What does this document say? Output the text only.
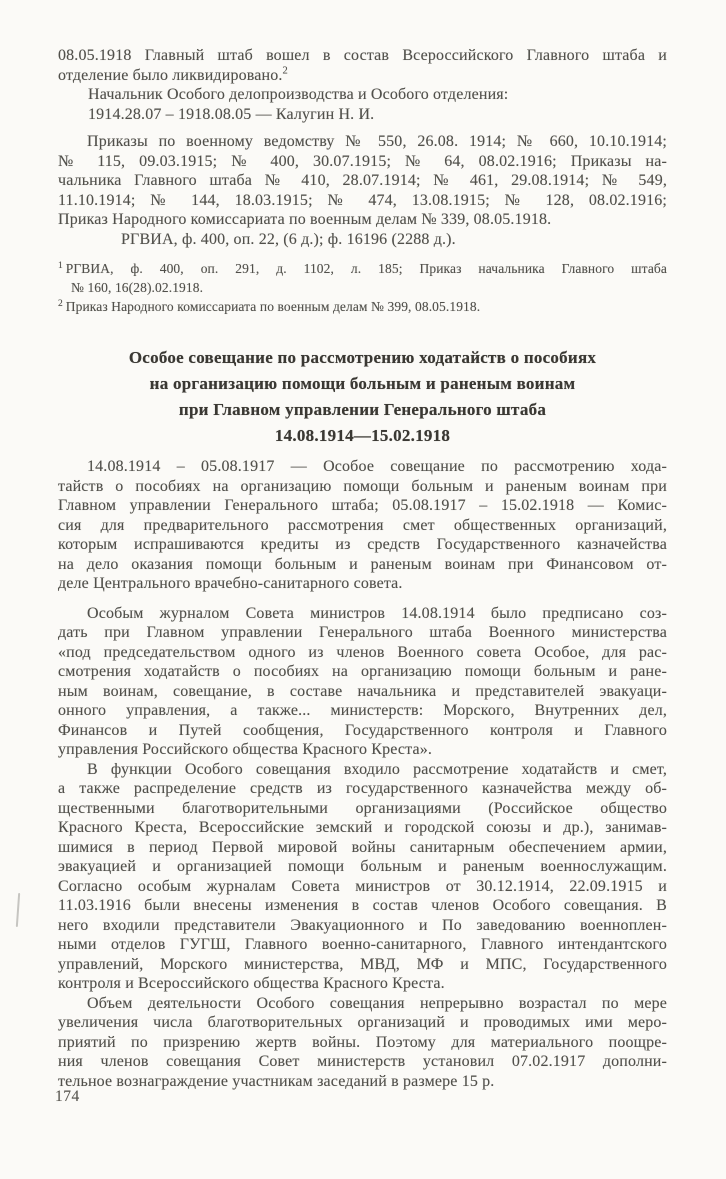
08.05.1918 Главный штаб вошел в состав Всероссийского Главного штаба и
отделение было ликвидировано.$^2$
Начальник Особого делопроизводства и Особого отделения:
1914.28.07 – 1918.08.05 — Калугин Н. И.
Приказы по военному ведомству № 550, 26.08. 1914; № 660, 10.10.1914;
№ 115, 09.03.1915; № 400, 30.07.1915; № 64, 08.02.1916; Приказы на-
чальника Главного штаба № 410, 28.07.1914; № 461, 29.08.1914; № 549,
11.10.1914; № 144, 18.03.1915; № 474, 13.08.1915; № 128, 08.02.1916;
Приказ Народного комиссариата по военным делам № 339, 08.05.1918.
РГВИА, ф. 400, оп. 22, (6 д.); ф. 16196 (2288 д.).
$^1$ РГВИА, ф. 400, оп. 291, д. 1102, л. 185; Приказ начальника Главного штаба
№ 160, 16(28).02.1918.
$^2$ Приказ Народного комиссариата по военным делам № 399, 08.05.1918.
Особое совещание по рассмотрению ходатайств о пособиях
на организацию помощи больным и раненым воинам
при Главном управлении Генерального штаба
14.08.1914—15.02.1918
14.08.1914 – 05.08.1917 — Особое совещание по рассмотрению хода-
тайств о пособиях на организацию помощи больным и раненым воинам при
Главном управлении Генерального штаба; 05.08.1917 – 15.02.1918 — Комис-
сия для предварительного рассмотрения смет общественных организаций,
которым испрашиваются кредиты из средств Государственного казначейства
на дело оказания помощи больным и раненым воинам при Финансовом от-
деле Центрального врачебно-санитарного совета.
Особым журналом Совета министров 14.08.1914 было предписано соз-
дать при Главном управлении Генерального штаба Военного министерства
«под председательством одного из членов Военного совета Особое, для рас-
смотрения ходатайств о пособиях на организацию помощи больным и ране-
ным воинам, совещание, в составе начальника и представителей эвакуаци-
онного управления, а также... министерств: Морского, Внутренних дел,
Финансов и Путей сообщения, Государственного контроля и Главного
управления Российского общества Красного Креста».
В функции Особого совещания входило рассмотрение ходатайств и смет,
а также распределение средств из государственного казначейства между об-
щественными благотворительными организациями (Российское общество
Красного Креста, Всероссийские земский и городской союзы и др.), занимав-
шимися в период Первой мировой войны санитарным обеспечением армии,
эвакуацией и организацией помощи больным и раненым военнослужащим.
Согласно особым журналам Совета министров от 30.12.1914, 22.09.1915 и
11.03.1916 были внесены изменения в состав членов Особого совещания. В
него входили представители Эвакуационного и По заведованию военноплен-
ными отделов ГУГШ, Главного военно-санитарного, Главного интендантского
управлений, Морского министерства, МВД, МФ и МПС, Государственного
контроля и Всероссийского общества Красного Креста.
Объем деятельности Особого совещания непрерывно возрастал по мере
увеличения числа благотворительных организаций и проводимых ими меро-
приятий по призрению жертв войны. Поэтому для материального поощре-
ния членов совещания Совет министерств установил 07.02.1917 дополни-
тельное вознаграждение участникам заседаний в размере 15 р.
174
